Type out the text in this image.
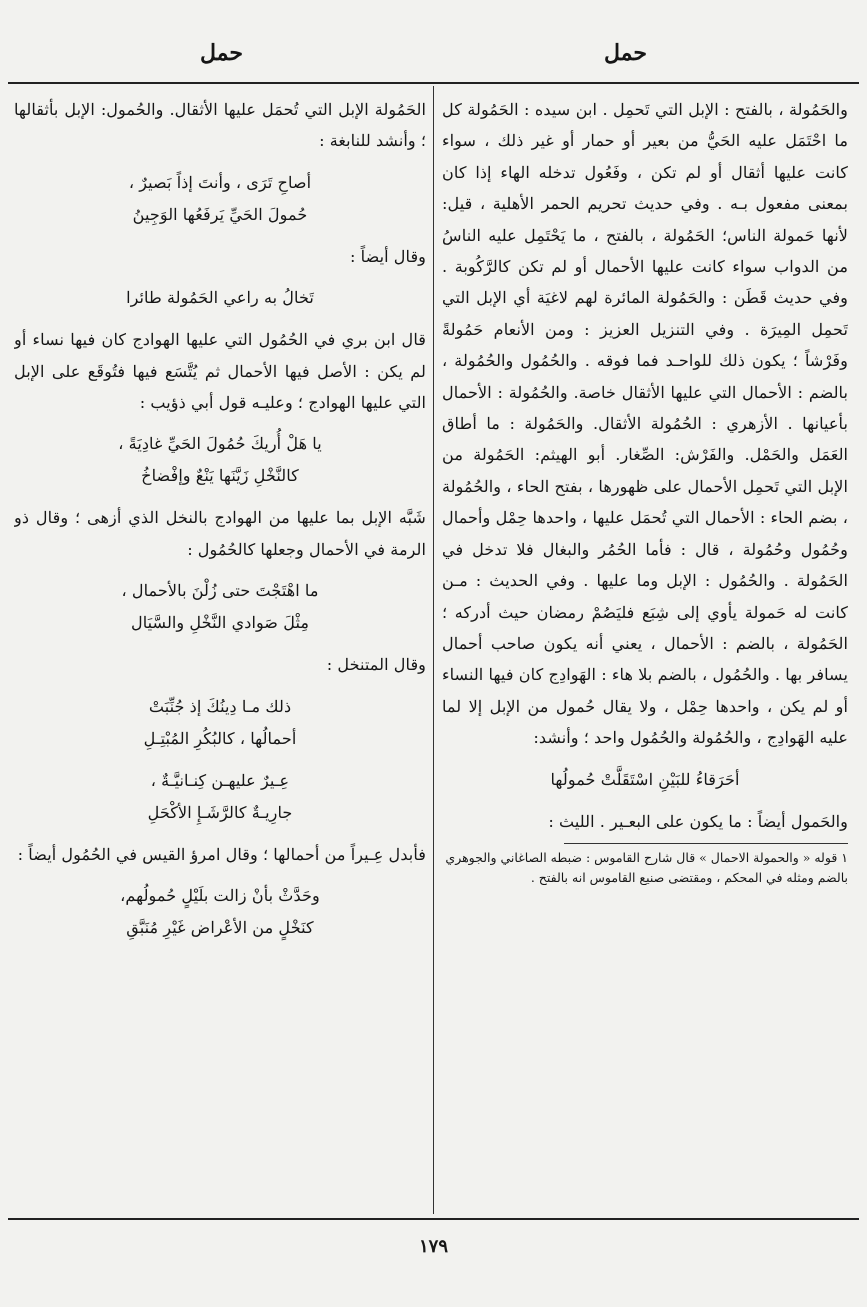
حمل
حمل

والحَمُولة ، بالفتح : الإبل التي تَحمِل . ابن سيده : الحَمُولة كل ما احْتَمَل عليه الحَيُّ من بعير أو حمار أو غير ذلك ، سواء كانت عليها أثقال أو لم تكن ، وفَعُول تدخله الهاء إذا كان بمعنى مفعول بـه . وفي حديث تحريم الحمر الأهلية ، قيل: لأنها حَمولة الناس؛ الحَمُولة ، بالفتح ، ما يَحْتَمِل عليه الناسُ من الدواب سواء كانت عليها الأحمال أو لم تكن كالرَّكُوبة . وفي حديث قَطَن : والحَمُولة المائرة لهم لاغيَة أي الإبل التي تَحمِل المِيرَة . وفي التنزيل العزيز : ومن الأنعام حَمُولةً وفَرْشاً ؛ يكون ذلك للواحـد فما فوقه . والحُمُول والحُمُولة ، بالضم : الأحمال التي عليها الأثقال خاصة. والحُمُولة : الأحمال بأعيانها . الأزهري : الحُمُولة الأثقال. والحَمُولة : ما أطاق العَمَل والحَمْل. والفَرْش: الصِّغار. أبو الهيثم: الحَمُولة من الإبل التي تَحمِل الأحمال على ظهورها ، بفتح الحاء ، والحُمُولة ، بضم الحاء : الأحمال التي تُحمَل عليها ، واحدها حِمْل وأحمال وحُمُول وحُمُولة ، قال : فأما الحُمُر والبغال فلا تدخل في الحَمُولة . والحُمُول : الإبل وما عليها . وفي الحديث : مـن كانت له حَمولة يأوي إلى شِبَع فليَصُمْ رمضان حيث أدركه ؛ الحَمُولة ، بالضم : الأحمال ، يعني أنه يكون صاحب أحمال يسافر بها . والحُمُول ، بالضم بلا هاء : الهَوادِج كان فيها النساء أو لم يكن ، واحدها حِمْل ، ولا يقال حُمول من الإبل إلا لما عليه الهَوادِج ، والحُمُولة والحُمُول واحد ؛ وأنشد:

أحَرَقاءُ للبَيْنِ اسْتَقَلَّتْ حُمولُها

والحَمول أيضاً : ما يكون على البعـير . الليث :

١ قوله « والحمولة الاحمال » قال شارح القاموس : ضبطه الصاغاني والجوهري بالضم ومثله في المحكم ، ومقتضى صنيع القاموس انه بالفتح .

الحَمُولة الإبل التي تُحمَل عليها الأثقال. والحُمول: الإبل بأثقالها ؛ وأنشد للنابغة :

أصاحِ تَرَى ، وأنتَ إذاً بَصيرٌ ،
حُمولَ الحَيِّ يَرفَعُها الوَجِينُ

وقال أيضاً :

تَخالُ به راعي الحَمُولة طائرا

قال ابن بري في الحُمُول التي عليها الهوادج كان فيها نساء أو لم يكن : الأصل فيها الأحمال ثم يُتَّسَع فيها فتُوقَع على الإبل التي عليها الهوادج ؛ وعليـه قول أبي ذؤيب :

يا هَلْ أُريكَ حُمُولَ الحَيِّ غادِيَةً ،
كالنَّخْلِ زَيَّنَها يَنْعٌ وإفْضاخُ

شَبَّه الإبل بما عليها من الهوادج بالنخل الذي أزهى ؛ وقال ذو الرمة في الأحمال وجعلها كالحُمُول :

ما اهْتَجْتَ حتى زُلْنَ بالأحمال ،
مِثْلَ صَوادي النَّخْلِ والسَّيَال

وقال المتنخل :

ذلك مـا دِينُكَ إذ جُنِّبَتْ
أحمالُها ، كالبُكُرِ المُبْتِـلِ
عِـيرٌ عليهـن كِنـانيَّـةٌ ،
جارِيـةٌ كالرَّشَـإِ الأكْحَلِ

فأبدل عِـيراً من أحمالها ؛ وقال امرؤ القيس في الحُمُول أيضاً :

وحَدَّثْ بأنْ زالت بلَيْلٍ حُمولُهم،
كنَخْلٍ من الأعْراض غَيْرِ مُنَبَّقِ
١٧٩
